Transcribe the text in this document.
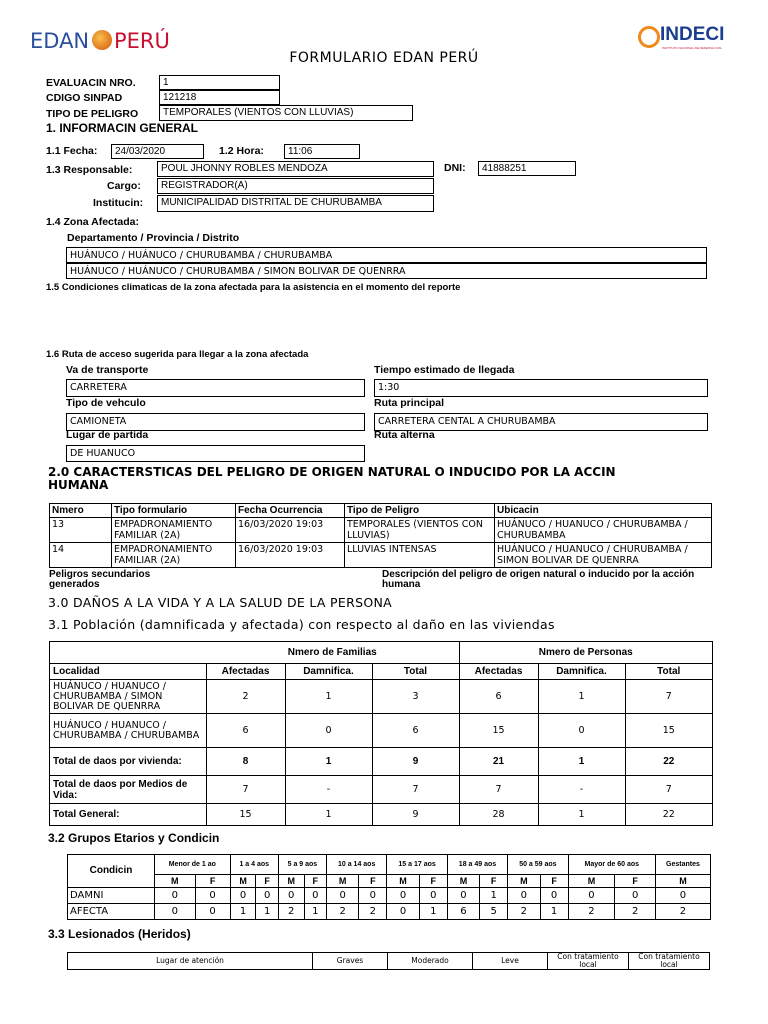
EDAN PERÚ	INDECI
INSTITUTO NACIONAL DE DEFENSA CIVIL
FORMULARIO EDAN PERÚ
EVALUACIN NRO.	1
CDIGO SINPAD	121218
TIPO DE PELIGRO	TEMPORALES (VIENTOS CON LLUVIAS)
1. INFORMACIN GENERAL
1.1 Fecha:	24/03/2020	1.2 Hora:	11:06
1.3 Responsable:	POUL JHONNY ROBLES MENDOZA	DNI:	41888251
Cargo:	REGISTRADOR(A)
Institucin:	MUNICIPALIDAD DISTRITAL DE CHURUBAMBA
1.4 Zona Afectada:
Departamento / Provincia / Distrito
HUÁNUCO / HUÁNUCO / CHURUBAMBA / CHURUBAMBA
HUÁNUCO / HUÁNUCO / CHURUBAMBA / SIMON BOLIVAR DE QUENRRA
1.5 Condiciones climaticas de la zona afectada para la asistencia en el momento del reporte
1.6 Ruta de acceso sugerida para llegar a la zona afectada
Va de transporte	Tiempo estimado de llegada
CARRETERA	1:30
Tipo de vehculo	Ruta principal
CAMIONETA	CARRETERA CENTAL A CHURUBAMBA
Lugar de partida	Ruta alterna
DE HUANUCO
2.0 CARACTERSTICAS DEL PELIGRO DE ORIGEN NATURAL O INDUCIDO POR LA ACCIN HUMANA
Nmero	Tipo formulario	Fecha Ocurrencia	Tipo de Peligro	Ubicacin
13	EMPADRONAMIENTO FAMILIAR (2A)	16/03/2020 19:03	TEMPORALES (VIENTOS CON LLUVIAS)	HUÁNUCO / HUANUCO / CHURUBAMBA / CHURUBAMBA
14	EMPADRONAMIENTO FAMILIAR (2A)	16/03/2020 19:03	LLUVIAS INTENSAS	HUÁNUCO / HUANUCO / CHURUBAMBA / SIMON BOLIVAR DE QUENRRA
Peligros secundarios generados
Descripción del peligro de origen natural o inducido por la acción humana
3.0 DAÑOS A LA VIDA Y A LA SALUD DE LA PERSONA
3.1 Población (damnificada y afectada) con respecto al daño en las viviendas
	Nmero de Familias			Nmero de Personas		
Localidad	Afectadas	Damnifica.	Total	Afectadas	Damnifica.	Total
HUÁNUCO / HUANUCO / CHURUBAMBA / SIMON BOLIVAR DE QUENRRA	2	1	3	6	1	7
HUÁNUCO / HUANUCO / CHURUBAMBA / CHURUBAMBA	6	0	6	15	0	15
Total de daos por vivienda:	8	1	9	21	1	22
Total de daos por Medios de Vida:	7	-	7	7	-	7
Total General:	15	1	9	28	1	22
3.2 Grupos Etarios y Condicin
Condicin	Menor de 1 ao		1 a 4 aos		5 a 9 aos		10 a 14 aos		15 a 17 aos		18 a 49 aos		50 a 59 aos		Mayor de 60 aos		Gestantes
	M	F	M	F	M	F	M	F	M	F	M	F	M	F	M	F	M
DAMNI	0	0	0	0	0	0	0	0	0	0	0	1	0	0	0	0	0
AFECTA	0	0	1	1	2	1	2	2	0	1	6	5	2	1	2	2	2
3.3 Lesionados (Heridos)
Lugar de atención	Graves	Moderado	Leve	Con tratamiento local	Con tratamiento local
